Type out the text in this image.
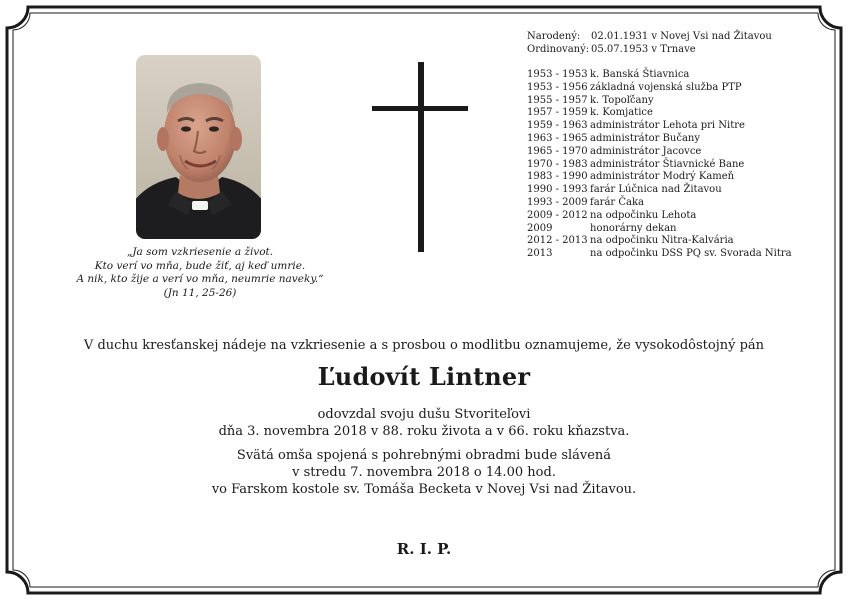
„Ja som vzkriesenie a život.
Kto verí vo mňa, bude žiť, aj keď umrie.
A nik, kto žije a verí vo mňa, neumrie naveky.“
(Jn 11, 25-26)
Narodený: 02.01.1931 v Novej Vsi nad Žitavou
Ordinovaný: 05.07.1953 v Trnave
1953 - 1953 k. Banská Štiavnica
1953 - 1956 základná vojenská služba PTP
1955 - 1957 k. Topoľčany
1957 - 1959 k. Komjatice
1959 - 1963 administrátor Lehota pri Nitre
1963 - 1965 administrátor Bučany
1965 - 1970 administrátor Jacovce
1970 - 1983 administrátor Štiavnické Bane
1983 - 1990 administrátor Modrý Kameň
1990 - 1993 farár Lúčnica nad Žitavou
1993 - 2009 farár Čaka
2009 - 2012 na odpočinku Lehota
2009	honorárny dekan
2012 - 2013 na odpočinku Nitra-Kalvária
2013	na odpočinku DSS PQ sv. Svorada Nitra
V duchu kresťanskej nádeje na vzkriesenie a s prosbou o modlitbu oznamujeme, že vysokodôstojný pán
Ľudovít Lintner
odovzdal svoju dušu Stvoriteľovi
dňa 3. novembra 2018 v 88. roku života a v 66. roku kňazstva.
Svätá omša spojená s pohrebnými obradmi bude slávená
v stredu 7. novembra 2018 o 14.00 hod.
vo Farskom kostole sv. Tomáša Becketa v Novej Vsi nad Žitavou.
R. I. P.
